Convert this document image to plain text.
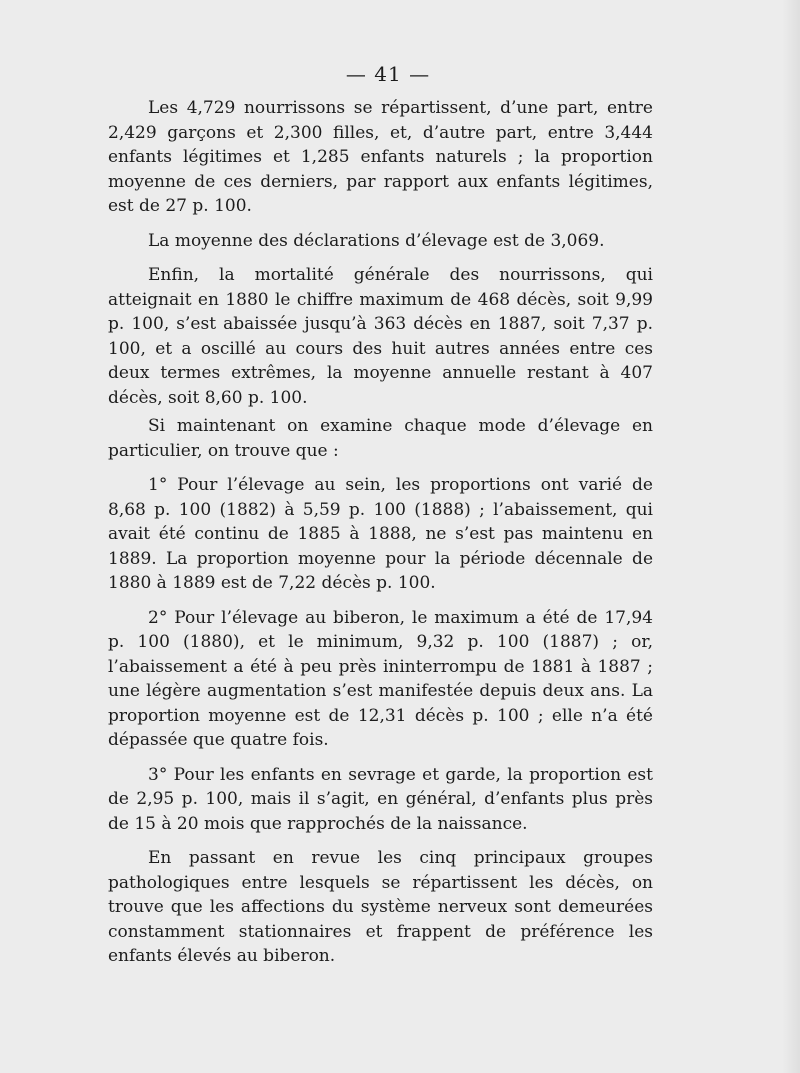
— 41 —

Les 4,729 nourrissons se répartissent, d’une part, entre 2,429 garçons et 2,300 filles, et, d’autre part, entre 3,444 enfants légitimes et 1,285 enfants naturels ; la proportion moyenne de ces derniers, par rapport aux enfants légitimes, est de 27 p. 100.

La moyenne des déclarations d’élevage est de 3,069.

Enfin, la mortalité générale des nourrissons, qui atteignait en 1880 le chiffre maximum de 468 décès, soit 9,99 p. 100, s’est abaissée jusqu’à 363 décès en 1887, soit 7,37 p. 100, et a oscillé au cours des huit autres années entre ces deux termes extrêmes, la moyenne annuelle restant à 407 décès, soit 8,60 p. 100.

Si maintenant on examine chaque mode d’élevage en particulier, on trouve que :

1° Pour l’élevage au sein, les proportions ont varié de 8,68 p. 100 (1882) à 5,59 p. 100 (1888) ; l’abaissement, qui avait été continu de 1885 à 1888, ne s’est pas maintenu en 1889. La proportion moyenne pour la période décennale de 1880 à 1889 est de 7,22 décès p. 100.

2° Pour l’élevage au biberon, le maximum a été de 17,94 p. 100 (1880), et le minimum, 9,32 p. 100 (1887) ; or, l’abaissement a été à peu près ininterrompu de 1881 à 1887 ; une légère augmentation s’est manifestée depuis deux ans. La proportion moyenne est de 12,31 décès p. 100 ; elle n’a été dépassée que quatre fois.

3° Pour les enfants en sevrage et garde, la proportion est de 2,95 p. 100, mais il s’agit, en général, d’enfants plus près de 15 à 20 mois que rapprochés de la naissance.

En passant en revue les cinq principaux groupes pathologiques entre lesquels se répartissent les décès, on trouve que les affections du système nerveux sont demeurées constamment stationnaires et frappent de préférence les enfants élevés au biberon.
